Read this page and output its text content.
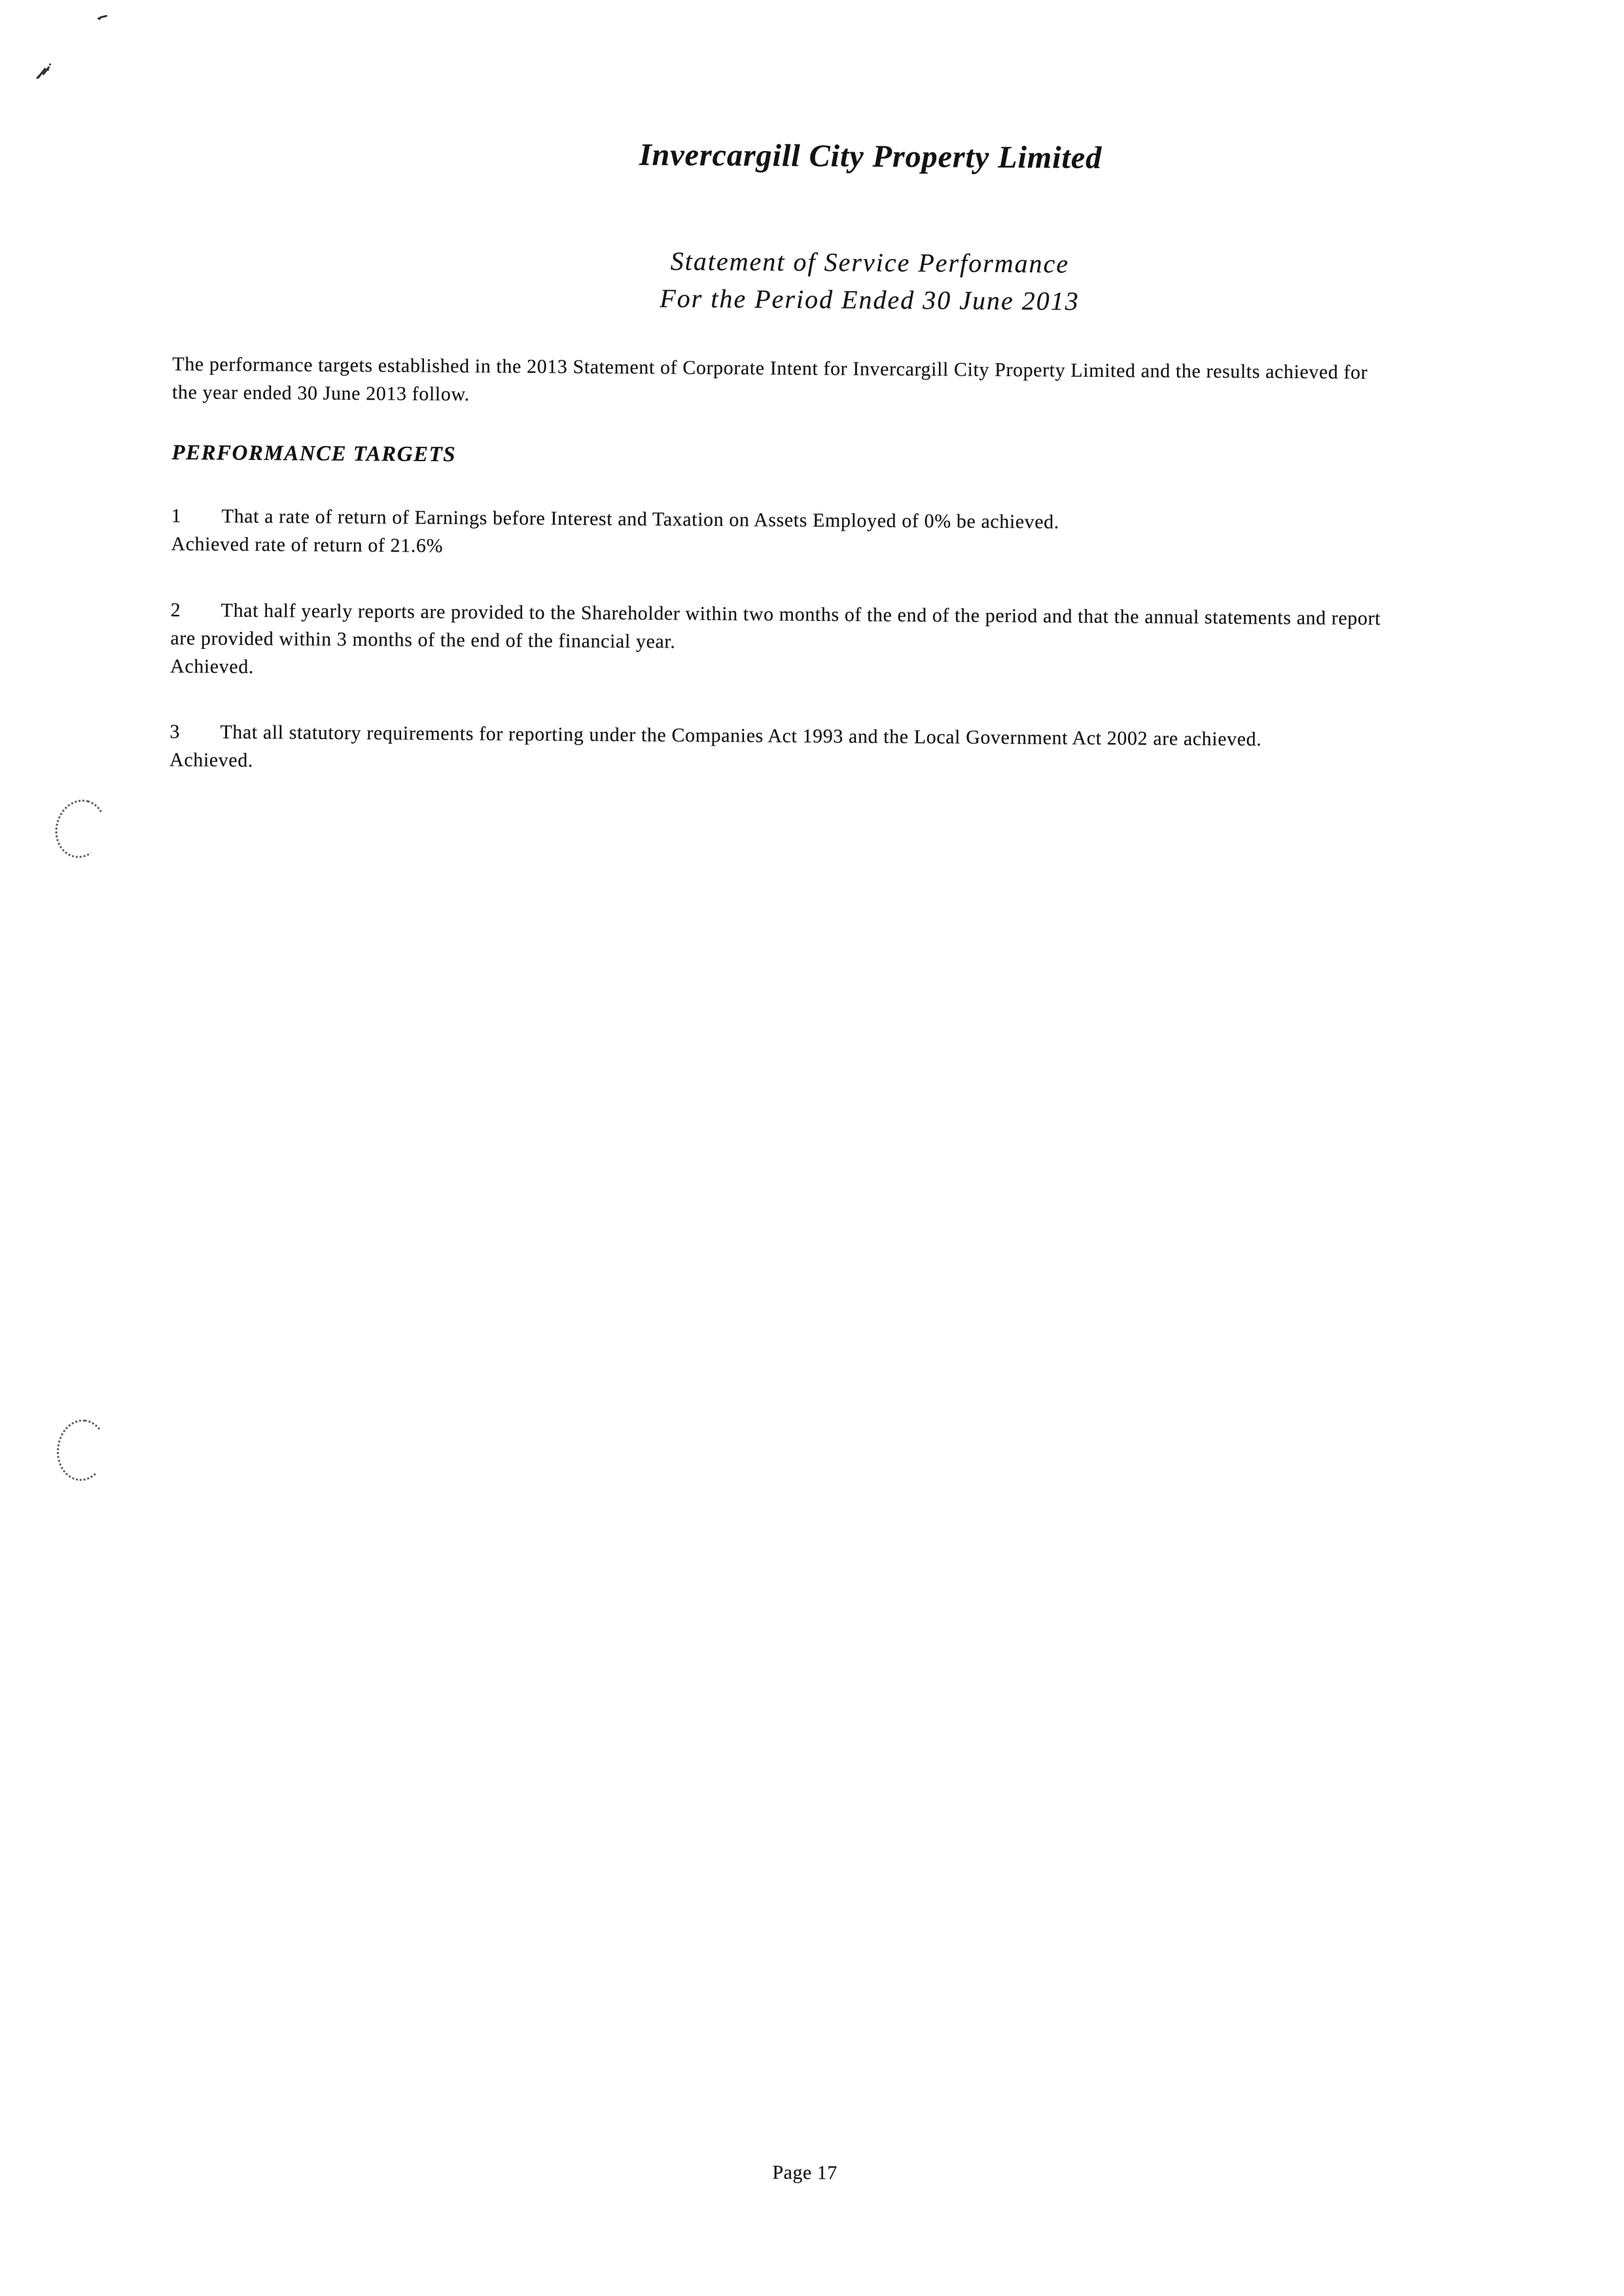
Invercargill City Property Limited
Statement of Service Performance
For the Period Ended 30 June 2013
The performance targets established in the 2013 Statement of Corporate Intent for Invercargill City Property Limited and the results achieved for
the year ended 30 June 2013 follow.
PERFORMANCE TARGETS
1 That a rate of return of Earnings before Interest and Taxation on Assets Employed of 0% be achieved.
Achieved rate of return of 21.6%
2 That half yearly reports are provided to the Shareholder within two months of the end of the period and that the annual statements and report
are provided within 3 months of the end of the financial year.
Achieved.
3 That all statutory requirements for reporting under the Companies Act 1993 and the Local Government Act 2002 are achieved.
Achieved.
Page 17
